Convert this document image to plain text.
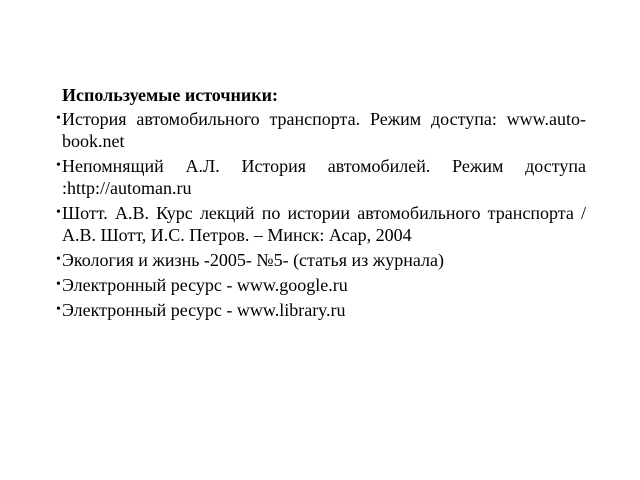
Используемые источники:
• История автомобильного транспорта. Режим доступа: www.auto-book.net
• Непомнящий А.Л. История автомобилей. Режим доступа :http://automan.ru
• Шотт. А.В. Курс лекций по истории автомобильного транспорта /А.В. Шотт, И.С. Петров. – Минск: Асар, 2004
• Экология и жизнь -2005- №5- (статья из журнала)
• Электронный ресурс - www.google.ru
• Электронный ресурс - www.library.ru
